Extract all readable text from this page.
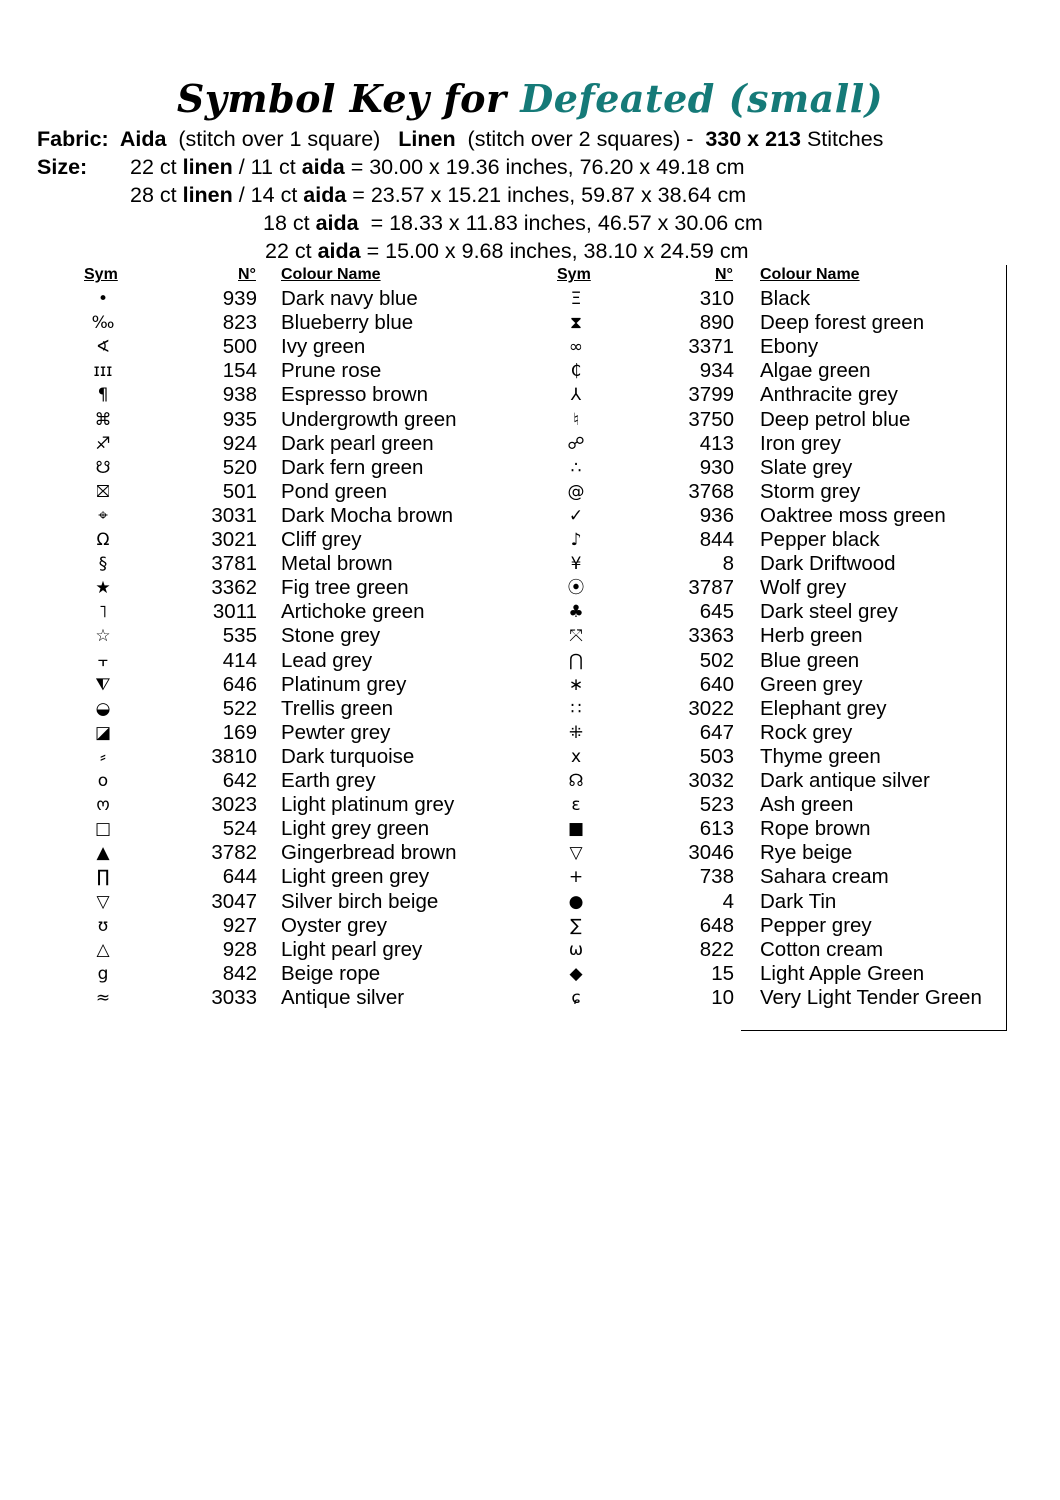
Symbol Key for Defeated (small)
Fabric:  Aida  (stitch over 1 square)   Linen  (stitch over 2 squares) -  330 x 213 Stitches
Size: 22 ct linen / 11 ct aida = 30.00 x 19.36 inches, 76.20 x 49.18 cm
28 ct linen / 14 ct aida = 23.57 x 15.21 inches, 59.87 x 38.64 cm
18 ct aida  = 18.33 x 11.83 inches, 46.57 x 30.06 cm
22 ct aida = 15.00 x 9.68 inches, 38.10 x 24.59 cm
Sym	N° Colour Name	Sym	N° Colour Name
•	939 Dark navy blue
‰	823 Blueberry blue
∢	500 Ivy green
ɪɪɪ	154 Prune rose
¶	938 Espresso brown
⌘	935 Undergrowth green
♐	924 Dark pearl green
☋	520 Dark fern green
⛝	501 Pond green
⌖	3031 Dark Mocha brown
Ω	3021 Cliff grey
§	3781 Metal brown
★	3362 Fig tree green
˥	3011 Artichoke green
☆	535 Stone grey
⫟	414 Lead grey
⧨	646 Platinum grey
◒	522 Trellis green
◪	169 Pewter grey
⸗	3810 Dark turquoise
o	642 Earth grey
ო	3023 Light platinum grey
□	524 Light grey green
▲	3782 Gingerbread brown
∏	644 Light green grey
▽	3047 Silver birch beige
ʊ	927 Oyster grey
△	928 Light pearl grey
g	842 Beige rope
≈	3033 Antique silver
Ξ	310 Black
⧗	890 Deep forest green
∞	3371 Ebony
₵	934 Algae green
⅄	3799 Anthracite grey
♮	3750 Deep petrol blue
☍	413 Iron grey
∴	930 Slate grey
@	3768 Storm grey
✓	936 Oaktree moss green
♪	844 Pepper black
¥	8 Dark Driftwood
⦿	3787 Wolf grey
♣	645 Dark steel grey
⤧	3363 Herb green
⋂	502 Blue green
∗	640 Green grey
∷	3022 Elephant grey
⁜	647 Rock grey
x	503 Thyme green
☊	3032 Dark antique silver
ε	523 Ash green
■	613 Rope brown
▽	3046 Rye beige
+	738 Sahara cream
●	4 Dark Tin
∑	648 Pepper grey
ω	822 Cotton cream
◆	15 Light Apple Green
ɕ	10 Very Light Tender Green
